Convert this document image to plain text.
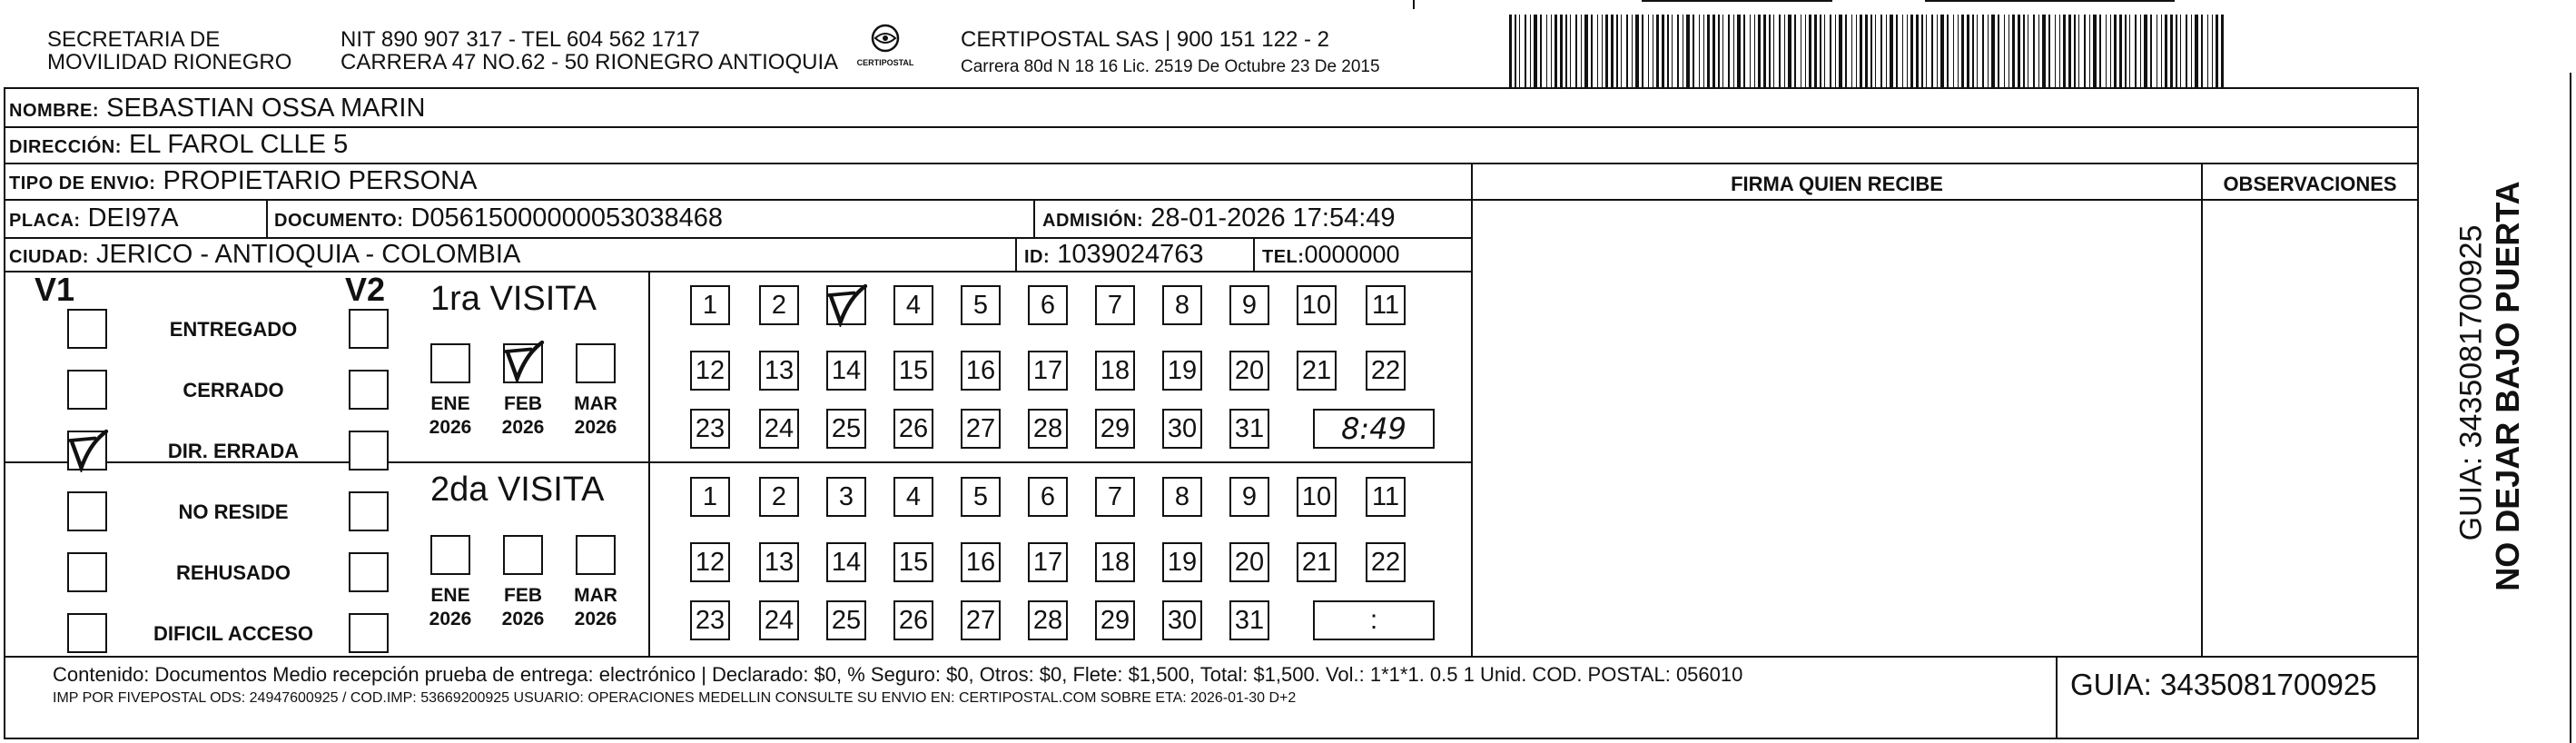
SECRETARIA DE
MOVILIDAD RIONEGRO
NIT 890 907 317 - TEL 604 562 1717
CARRERA 47 NO.62 - 50 RIONEGRO ANTIOQUIA	CERTIPOSTAL
CERTIPOSTAL SAS | 900 151 122 - 2
Carrera 80d N 18 16 Lic. 2519 De Octubre 23 De 2015
NOMBRE: SEBASTIAN OSSA MARIN
DIRECCIÓN: EL FAROL CLLE 5
TIPO DE ENVIO: PROPIETARIO PERSONA
PLACA: DEI97A	DOCUMENTO: D05615000000053038468	ADMISIÓN: 28-01-2026 17:54:49
CIUDAD: JERICO - ANTIOQUIA - COLOMBIA	ID: 1039024763	TEL:0000000
FIRMA QUIEN RECIBE	OBSERVACIONES
V1	V2
ENTREGADO
CERRADO
DIR. ERRADA
NO RESIDE
REHUSADO
DIFICIL ACCESO
1ra VISITA
2da VISITA
ENE
2026
FEB
2026
MAR
2026
1	2	3	4	5	6	7	8	9	10 11
12 13 14 15 16 17 18 19 20 21 22
23 24 25 26 27 28 29 30 31	8:49
ENE
2026
FEB
2026
MAR
2026
1	2	3	4	5	6	7	8	9	10 11
12 13 14 15 16 17 18 19 20 21 22
23 24 25 26 27 28 29 30 31	:
Contenido: Documentos Medio recepción prueba de entrega: electrónico | Declarado: $0, % Seguro: $0, Otros: $0, Flete: $1,500, Total: $1,500. Vol.: 1*1*1. 0.5 1 Unid. COD. POSTAL: 056010
IMP POR FIVEPOSTAL ODS: 24947600925 / COD.IMP: 53669200925 USUARIO: OPERACIONES MEDELLIN CONSULTE SU ENVIO EN: CERTIPOSTAL.COM SOBRE ETA: 2026-01-30 D+2	GUIA: 3435081700925
NO DEJAR BAJO PUERTA
GUIA: 3435081700925
